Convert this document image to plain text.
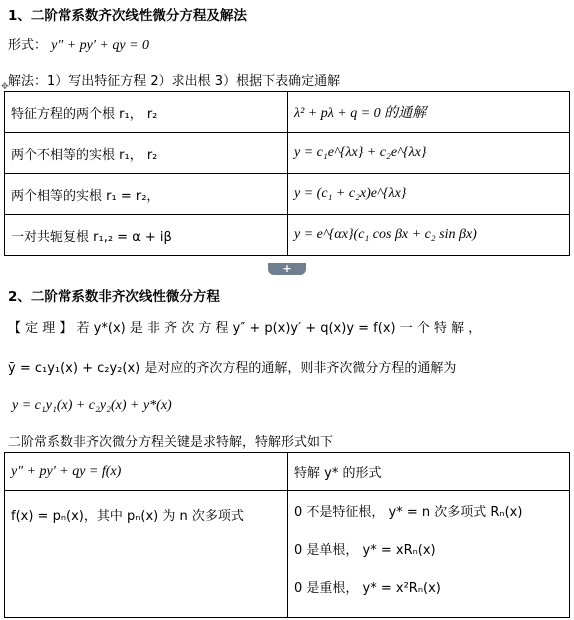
1、二阶常系数齐次线性微分方程及解法
形式： y″ + py′ + qy = 0
✥ 解法：1）写出特征方程 2）求出根 3）根据下表确定通解
特征方程的两个根 r₁， r₂	λ² + pλ + q = 0 的通解
两个不相等的实根 r₁， r₂	y = c₁e^{λx} + c₂e^{λx}
两个相等的实根 r₁ = r₂，	y = (c₁ + c₂x)e^{λx}
一对共轭复根 r₁,₂ = α + iβ	y = e^{αx}(c₁ cos βx + c₂ sin βx)
+
2、二阶常系数非齐次线性微分方程
【 定 理 】 若 y*(x) 是 非 齐 次 方 程 y″ + p(x)y′ + q(x)y = f(x) 一 个 特 解 ，
ȳ = c₁y₁(x) + c₂y₂(x) 是对应的齐次方程的通解，则非齐次微分方程的通解为
y = c₁y₁(x) + c₂y₂(x) + y*(x)
二阶常系数非齐次微分方程关键是求特解，特解形式如下
y″ + py′ + qy = f(x)	特解 y* 的形式
f(x) = pₙ(x)，其中 pₙ(x) 为 n 次多项式	0 不是特征根， y* = n 次多项式 Rₙ(x)
0 是单根， y* = xRₙ(x)
0 是重根， y* = x²Rₙ(x)
